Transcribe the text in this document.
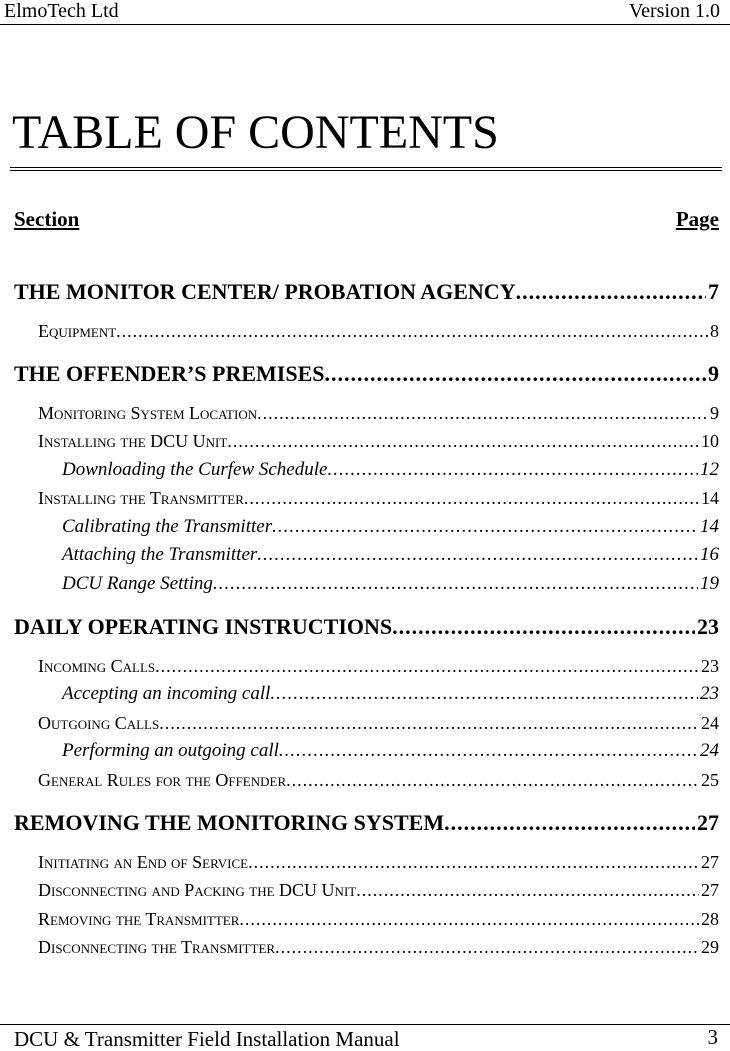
ElmoTech Ltd	Version 1.0
TABLE OF CONTENTS
Section	Page
THE MONITOR CENTER/ PROBATION AGENCY .....	7
Equipment .....	8
THE OFFENDER’S PREMISES .....	9
Monitoring System Location .....	9
Installing the DCU Unit .....	10
Downloading the Curfew Schedule .....	12
Installing the Transmitter .....	14
Calibrating the Transmitter .....	14
Attaching the Transmitter .....	16
DCU Range Setting .....	19
DAILY OPERATING INSTRUCTIONS .....	23
Incoming Calls .....	23
Accepting an incoming call .....	23
Outgoing Calls .....	24
Performing an outgoing call .....	24
General Rules for the Offender .....	25
REMOVING THE MONITORING SYSTEM .....	27
Initiating an End of Service .....	27
Disconnecting and Packing the DCU Unit .....	27
Removing the Transmitter .....	28
Disconnecting the Transmitter .....	29
DCU & Transmitter Field Installation Manual	3
